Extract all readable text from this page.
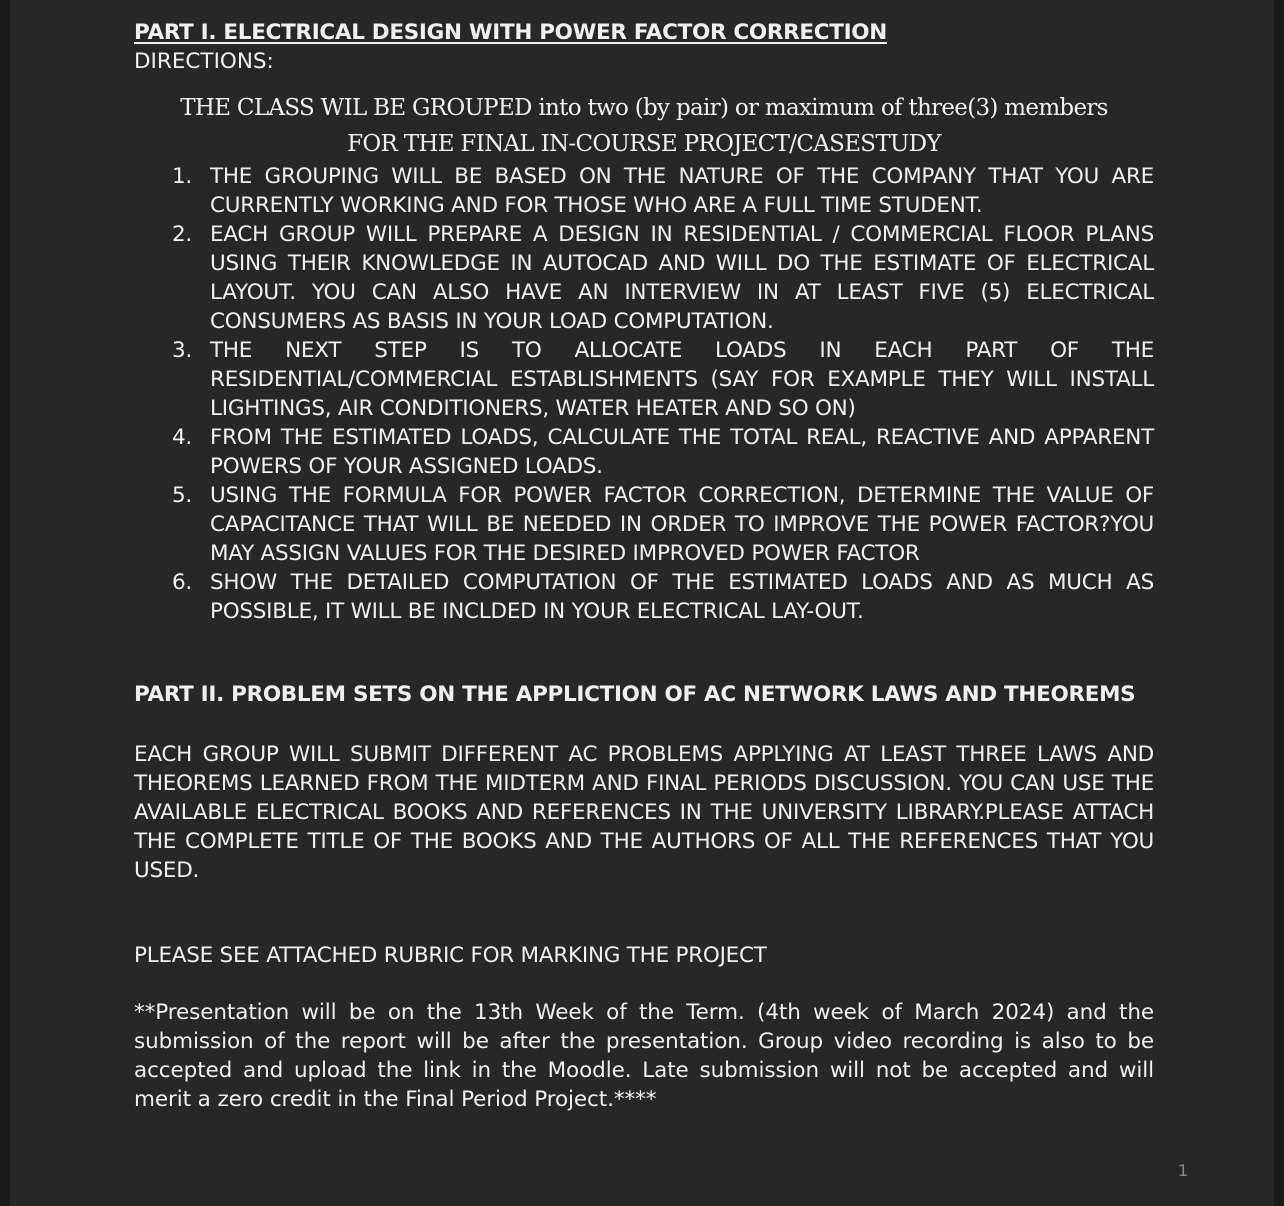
PART I. ELECTRICAL DESIGN WITH POWER FACTOR CORRECTION

DIRECTIONS:

THE CLASS WIL BE GROUPED into two (by pair) or maximum of three(3) members

FOR THE FINAL IN-COURSE PROJECT/CASESTUDY

1. THE GROUPING WILL BE BASED ON THE NATURE OF THE COMPANY THAT YOU ARE CURRENTLY WORKING AND FOR THOSE WHO ARE A FULL TIME STUDENT.
2. EACH GROUP WILL PREPARE A DESIGN IN RESIDENTIAL / COMMERCIAL FLOOR PLANS USING THEIR KNOWLEDGE IN AUTOCAD AND WILL DO THE ESTIMATE OF ELECTRICAL LAYOUT. YOU CAN ALSO HAVE AN INTERVIEW IN AT LEAST FIVE (5) ELECTRICAL CONSUMERS AS BASIS IN YOUR LOAD COMPUTATION.
3. THE NEXT STEP IS TO ALLOCATE LOADS IN EACH PART OF THE RESIDENTIAL/COMMERCIAL ESTABLISHMENTS (SAY FOR EXAMPLE THEY WILL INSTALL LIGHTINGS, AIR CONDITIONERS, WATER HEATER AND SO ON)
4. FROM THE ESTIMATED LOADS, CALCULATE THE TOTAL REAL, REACTIVE AND APPARENT POWERS OF YOUR ASSIGNED LOADS.
5. USING THE FORMULA FOR POWER FACTOR CORRECTION, DETERMINE THE VALUE OF CAPACITANCE THAT WILL BE NEEDED IN ORDER TO IMPROVE THE POWER FACTOR?YOU MAY ASSIGN VALUES FOR THE DESIRED IMPROVED POWER FACTOR
6. SHOW THE DETAILED COMPUTATION OF THE ESTIMATED LOADS AND AS MUCH AS POSSIBLE, IT WILL BE INCLDED IN YOUR ELECTRICAL LAY-OUT.

PART II. PROBLEM SETS ON THE APPLICTION OF AC NETWORK LAWS AND THEOREMS

EACH GROUP WILL SUBMIT DIFFERENT AC PROBLEMS APPLYING AT LEAST THREE LAWS AND THEOREMS LEARNED FROM THE MIDTERM AND FINAL PERIODS DISCUSSION. YOU CAN USE THE AVAILABLE ELECTRICAL BOOKS AND REFERENCES IN THE UNIVERSITY LIBRARY.PLEASE ATTACH THE COMPLETE TITLE OF THE BOOKS AND THE AUTHORS OF ALL THE REFERENCES THAT YOU USED.

PLEASE SEE ATTACHED RUBRIC FOR MARKING THE PROJECT

**Presentation will be on the 13th Week of the Term. (4th week of March 2024) and the submission of the report will be after the presentation. Group video recording is also to be accepted and upload the link in the Moodle. Late submission will not be accepted and will merit a zero credit in the Final Period Project.****

1
